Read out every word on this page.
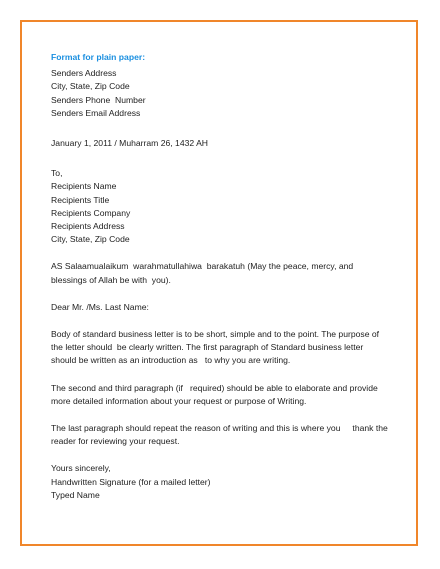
Format for plain paper:
Senders Address
City, State, Zip Code
Senders Phone  Number
Senders Email Address
January 1, 2011 / Muharram 26, 1432 AH
To,
Recipients Name
Recipients Title
Recipients Company
Recipients Address
City, State, Zip Code
AS Salaamualaikum  warahmatullahiwa  barakatuh (May the peace, mercy, and
blessings of Allah be with  you).
Dear Mr. /Ms. Last Name:
Body of standard business letter is to be short, simple and to the point. The purpose of
the letter should  be clearly written. The first paragraph of Standard business letter
should be written as an introduction as   to why you are writing.
The second and third paragraph (if   required) should be able to elaborate and provide
more detailed information about your request or purpose of Writing.
The last paragraph should repeat the reason of writing and this is where you     thank the
reader for reviewing your request.
Yours sincerely,
Handwritten Signature (for a mailed letter)
Typed Name
